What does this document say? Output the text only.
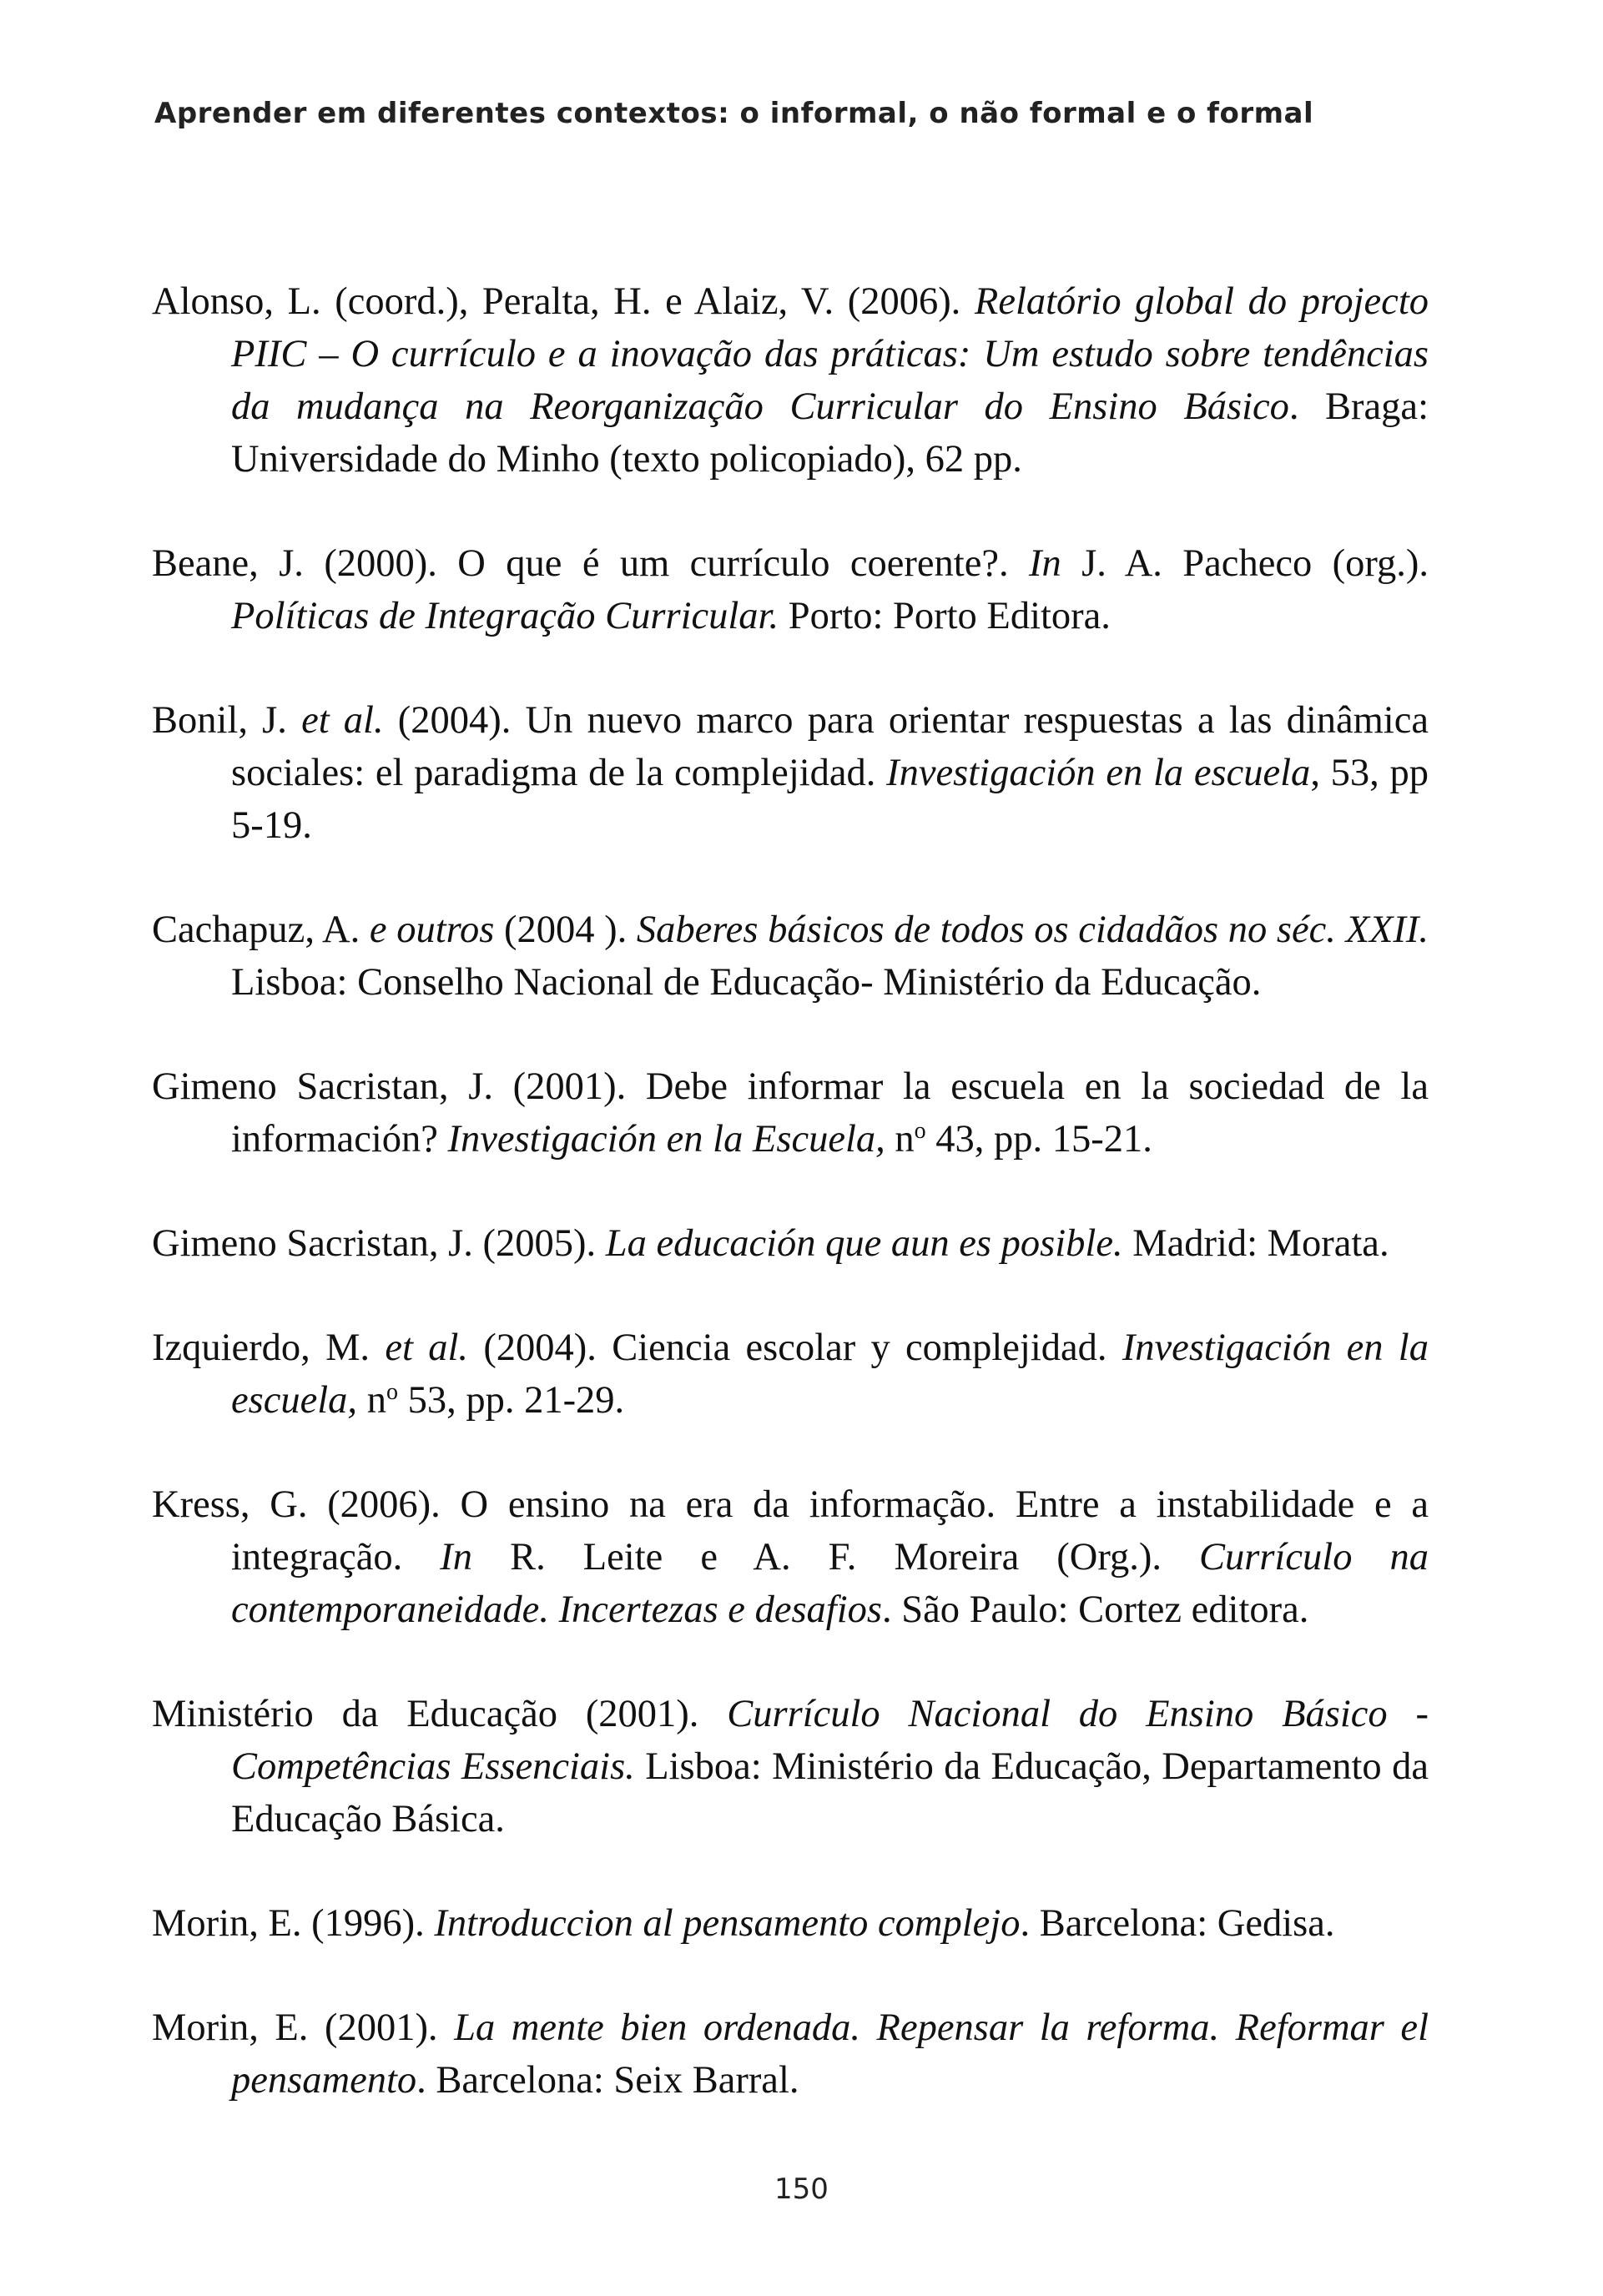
Aprender em diferentes contextos: o informal, o não formal e o formal

Alonso, L. (coord.), Peralta, H. e Alaiz, V. (2006). Relatório global do projecto PIIC – O currículo e a inovação das práticas: Um estudo sobre tendências da mudança na Reorganização Curricular do Ensino Básico. Braga: Universidade do Minho (texto policopiado), 62 pp.

Beane, J. (2000). O que é um currículo coerente?. In J. A. Pacheco (org.). Políticas de Integração Curricular. Porto: Porto Editora.

Bonil, J. et al. (2004). Un nuevo marco para orientar respuestas a las dinâmica sociales: el paradigma de la complejidad. Investigación en la escuela, 53, pp 5-19.

Cachapuz, A. e outros (2004 ). Saberes básicos de todos os cidadãos no séc. XXII. Lisboa: Conselho Nacional de Educação- Ministério da Educação.

Gimeno Sacristan, J. (2001). Debe informar la escuela en la sociedad de la información? Investigación en la Escuela, $n^o$ 43, pp. 15-21.

Gimeno Sacristan, J. (2005). La educación que aun es posible. Madrid: Morata.

Izquierdo, M. et al. (2004). Ciencia escolar y complejidad. Investigación en la escuela, $n^o$ 53, pp. 21-29.

Kress, G. (2006). O ensino na era da informação. Entre a instabilidade e a integração. In R. Leite e A. F. Moreira (Org.). Currículo na contemporaneidade. Incertezas e desafios. São Paulo: Cortez editora.

Ministério da Educação (2001). Currículo Nacional do Ensino Básico - Competências Essenciais. Lisboa: Ministério da Educação, Departamento da Educação Básica.

Morin, E. (1996). Introduccion al pensamento complejo. Barcelona: Gedisa.

Morin, E. (2001). La mente bien ordenada. Repensar la reforma. Reformar el pensamento. Barcelona: Seix Barral.

150
